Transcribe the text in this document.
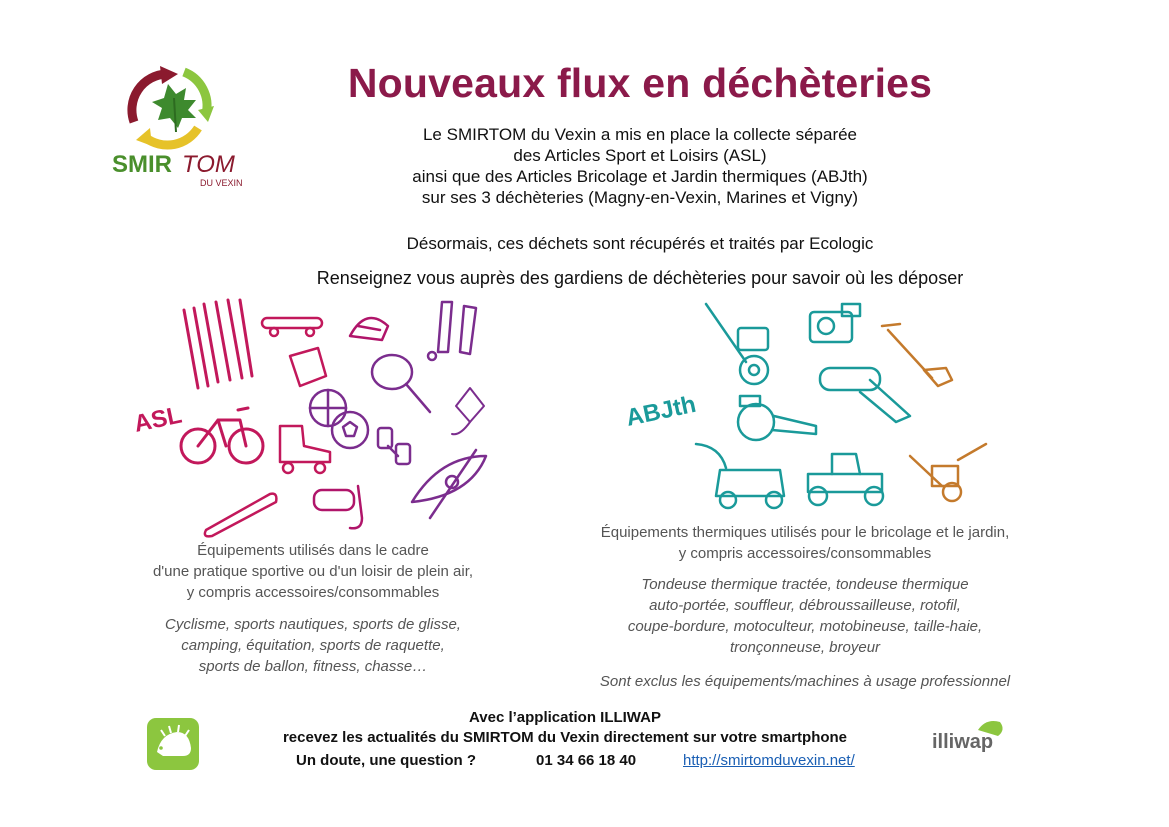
SMIR TOM
DU VEXIN
Nouveaux flux en déchèteries
Le SMIRTOM du Vexin a mis en place la collecte séparée
des Articles Sport et Loisirs (ASL)
ainsi que des Articles Bricolage et Jardin thermiques (ABJth)
sur ses 3 déchèteries (Magny-en-Vexin, Marines et Vigny)
Désormais, ces déchets sont récupérés et traités par Ecologic
Renseignez vous auprès des gardiens de déchèteries pour savoir où les déposer
ASL	ABJth
Équipements utilisés dans le cadre
d'une pratique sportive ou d'un loisir de plein air,
y compris accessoires/consommables
Cyclisme, sports nautiques, sports de glisse,
camping, équitation, sports de raquette,
sports de ballon, fitness, chasse…
Équipements thermiques utilisés pour le bricolage et le jardin,
y compris accessoires/consommables
Tondeuse thermique tractée, tondeuse thermique
auto-portée, souffleur, débroussailleuse, rotofil,
coupe-bordure, motoculteur, motobineuse, taille-haie,
tronçonneuse, broyeur
Sont exclus les équipements/machines à usage professionnel
Avec l’application ILLIWAP
recevez les actualités du SMIRTOM du Vexin directement sur votre smartphone
Un doute, une question ?	01 34 66 18 40	http://smirtomduvexin.net/
illiwap
